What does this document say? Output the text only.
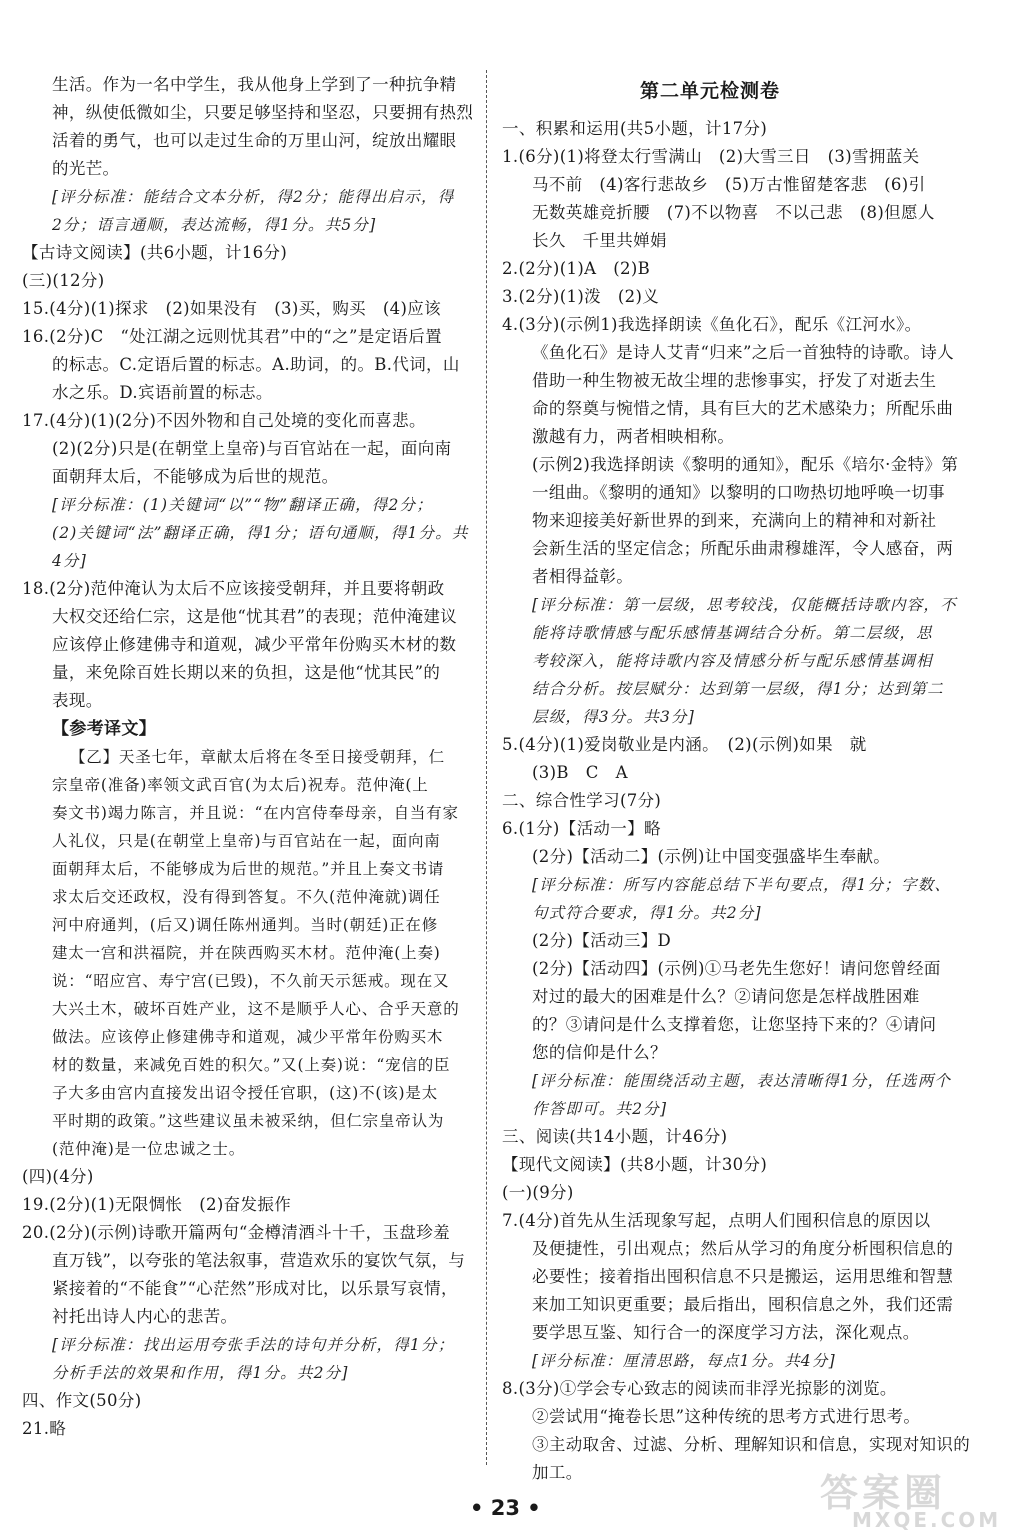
生活。作为一名中学生，我从他身上学到了一种抗争精
神，纵使低微如尘，只要足够坚持和坚忍，只要拥有热烈
活着的勇气，也可以走过生命的万里山河，绽放出耀眼
的光芒。
[评分标准：能结合文本分析，得2分；能得出启示，得
2分；语言通顺，表达流畅，得1分。共5分]
【古诗文阅读】(共6小题，计16分)
(三)(12分)
15.(4分)(1)探求　(2)如果没有　(3)买，购买　(4)应该
16.(2分)C　“处江湖之远则忧其君”中的“之”是定语后置
的标志。C.定语后置的标志。A.助词，的。B.代词，山
水之乐。D.宾语前置的标志。
17.(4分)(1)(2分)不因外物和自己处境的变化而喜悲。
(2)(2分)只是(在朝堂上皇帝)与百官站在一起，面向南
面朝拜太后，不能够成为后世的规范。
[评分标准：(1)关键词“以”“物”翻译正确，得2分；
(2)关键词“法”翻译正确，得1分；语句通顺，得1分。共
4分]
18.(2分)范仲淹认为太后不应该接受朝拜，并且要将朝政
大权交还给仁宗，这是他“忧其君”的表现；范仲淹建议
应该停止修建佛寺和道观，减少平常年份购买木材的数
量，来免除百姓长期以来的负担，这是他“忧其民”的
表现。
【参考译文】
【乙】天圣七年，章献太后将在冬至日接受朝拜，仁
宗皇帝(准备)率领文武百官(为太后)祝寿。范仲淹(上
奏文书)竭力陈言，并且说：“在内宫侍奉母亲，自当有家
人礼仪，只是(在朝堂上皇帝)与百官站在一起，面向南
面朝拜太后，不能够成为后世的规范。”并且上奏文书请
求太后交还政权，没有得到答复。不久(范仲淹就)调任
河中府通判，(后又)调任陈州通判。当时(朝廷)正在修
建太一宫和洪福院，并在陕西购买木材。范仲淹(上奏)
说：“昭应宫、寿宁宫(已毁)，不久前天示惩戒。现在又
大兴土木，破坏百姓产业，这不是顺乎人心、合乎天意的
做法。应该停止修建佛寺和道观，减少平常年份购买木
材的数量，来减免百姓的积欠。”又(上奏)说：“宠信的臣
子大多由宫内直接发出诏令授任官职，(这)不(该)是太
平时期的政策。”这些建议虽未被采纳，但仁宗皇帝认为
(范仲淹)是一位忠诚之士。
(四)(4分)
19.(2分)(1)无限惆怅　(2)奋发振作
20.(2分)(示例)诗歌开篇两句“金樽清酒斗十千，玉盘珍羞
直万钱”，以夸张的笔法叙事，营造欢乐的宴饮气氛，与
紧接着的“不能食”“心茫然”形成对比，以乐景写哀情，
衬托出诗人内心的悲苦。
[评分标准：找出运用夸张手法的诗句并分析，得1分；
分析手法的效果和作用，得1分。共2分]
四、作文(50分)
21.略
第二单元检测卷
一、积累和运用(共5小题，计17分)
1.(6分)(1)将登太行雪满山　(2)大雪三日　(3)雪拥蓝关
马不前　(4)客行悲故乡　(5)万古惟留楚客悲　(6)引
无数英雄竞折腰　(7)不以物喜　不以己悲　(8)但愿人
长久　千里共婵娟
2.(2分)(1)A　(2)B
3.(2分)(1)泼　(2)义
4.(3分)(示例1)我选择朗读《鱼化石》，配乐《江河水》。
《鱼化石》是诗人艾青“归来”之后一首独特的诗歌。诗人
借助一种生物被无故尘埋的悲惨事实，抒发了对逝去生
命的祭奠与惋惜之情，具有巨大的艺术感染力；所配乐曲
激越有力，两者相映相称。
(示例2)我选择朗读《黎明的通知》，配乐《培尔·金特》第
一组曲。《黎明的通知》以黎明的口吻热切地呼唤一切事
物来迎接美好新世界的到来，充满向上的精神和对新社
会新生活的坚定信念；所配乐曲肃穆雄浑，令人感奋，两
者相得益彰。
[评分标准：第一层级，思考较浅，仅能概括诗歌内容，不
能将诗歌情感与配乐感情基调结合分析。第二层级，思
考较深入，能将诗歌内容及情感分析与配乐感情基调相
结合分析。按层赋分：达到第一层级，得1分；达到第二
层级，得3分。共3分]
5.(4分)(1)爱岗敬业是内涵。　(2)(示例)如果　就
(3)B　C　A
二、综合性学习(7分)
6.(1分)【活动一】略
(2分)【活动二】(示例)让中国变强盛毕生奉献。
[评分标准：所写内容能总结下半句要点，得1分；字数、
句式符合要求，得1分。共2分]
(2分)【活动三】D
(2分)【活动四】(示例)①马老先生您好！请问您曾经面
对过的最大的困难是什么？②请问您是怎样战胜困难
的？③请问是什么支撑着您，让您坚持下来的？④请问
您的信仰是什么？
[评分标准：能围绕活动主题，表达清晰得1分，任选两个
作答即可。共2分]
三、阅读(共14小题，计46分)
【现代文阅读】(共8小题，计30分)
(一)(9分)
7.(4分)首先从生活现象写起，点明人们囤积信息的原因以
及便捷性，引出观点；然后从学习的角度分析囤积信息的
必要性；接着指出囤积信息不只是搬运，运用思维和智慧
来加工知识更重要；最后指出，囤积信息之外，我们还需
要学思互鉴、知行合一的深度学习方法，深化观点。
[评分标准：厘清思路，每点1分。共4分]
8.(3分)①学会专心致志的阅读而非浮光掠影的浏览。
②尝试用“掩卷长思”这种传统的思考方式进行思考。
③主动取舍、过滤、分析、理解知识和信息，实现对知识的
加工。
• 23 •	答案圈
MXQE.COM
